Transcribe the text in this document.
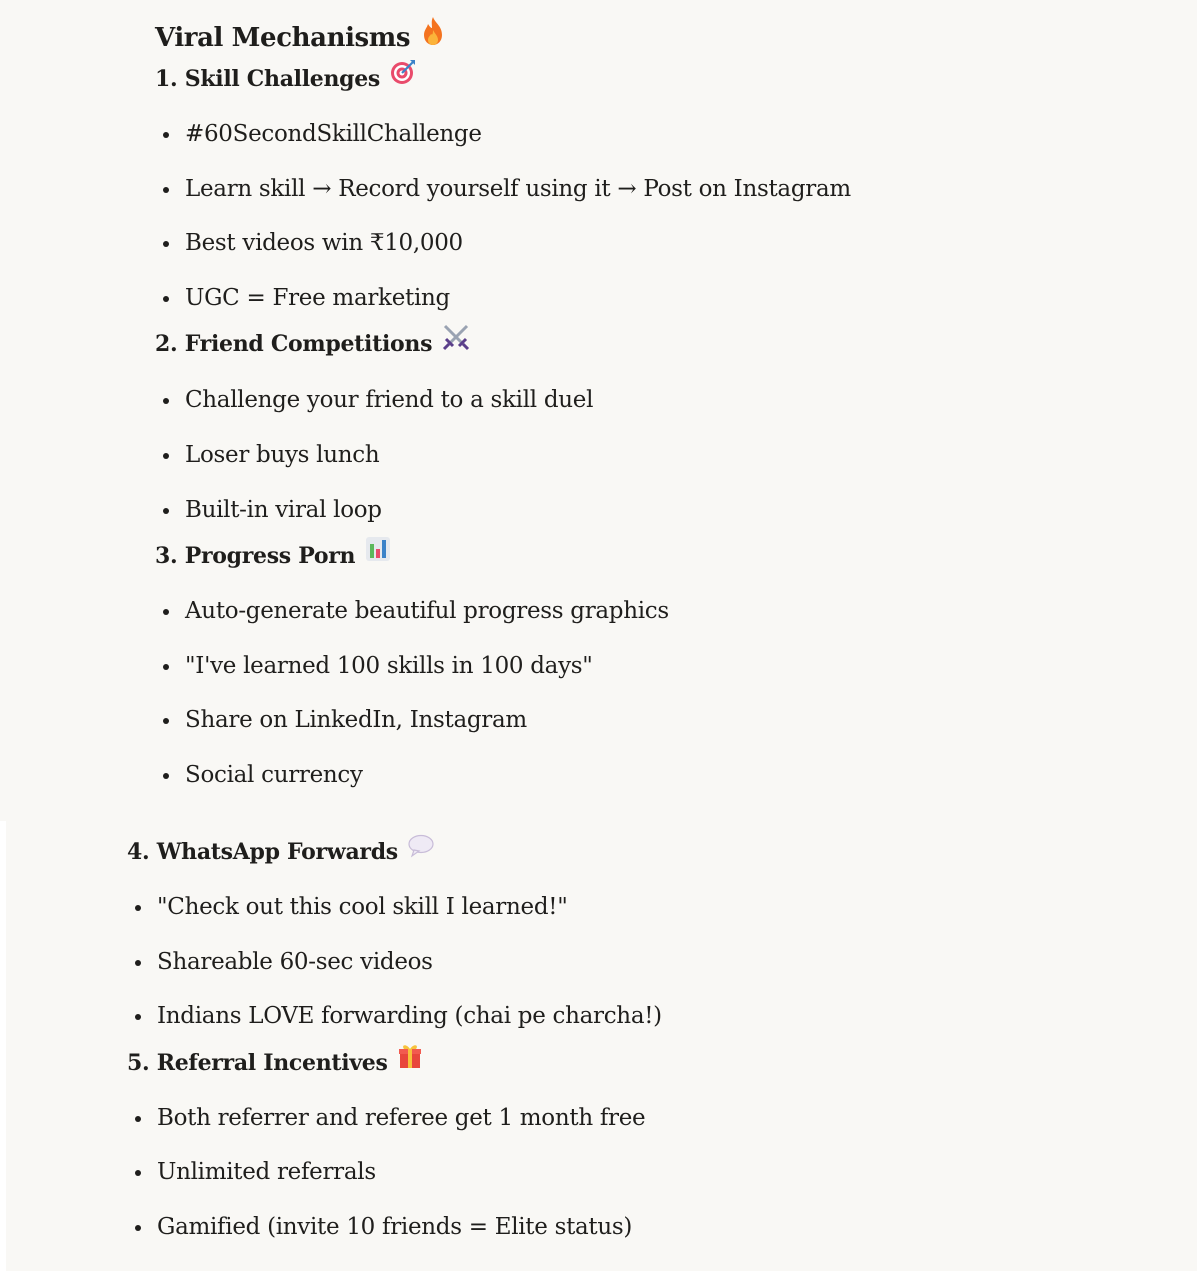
Viral Mechanisms
1. Skill Challenges
#60SecondSkillChallenge
Learn skill → Record yourself using it → Post on Instagram
Best videos win ₹10,000
UGC = Free marketing
2. Friend Competitions
Challenge your friend to a skill duel
Loser buys lunch
Built-in viral loop
3. Progress Porn
Auto-generate beautiful progress graphics
"I've learned 100 skills in 100 days"
Share on LinkedIn, Instagram
Social currency
4. WhatsApp Forwards
"Check out this cool skill I learned!"
Shareable 60-sec videos
Indians LOVE forwarding (chai pe charcha!)
5. Referral Incentives
Both referrer and referee get 1 month free
Unlimited referrals
Gamified (invite 10 friends = Elite status)
